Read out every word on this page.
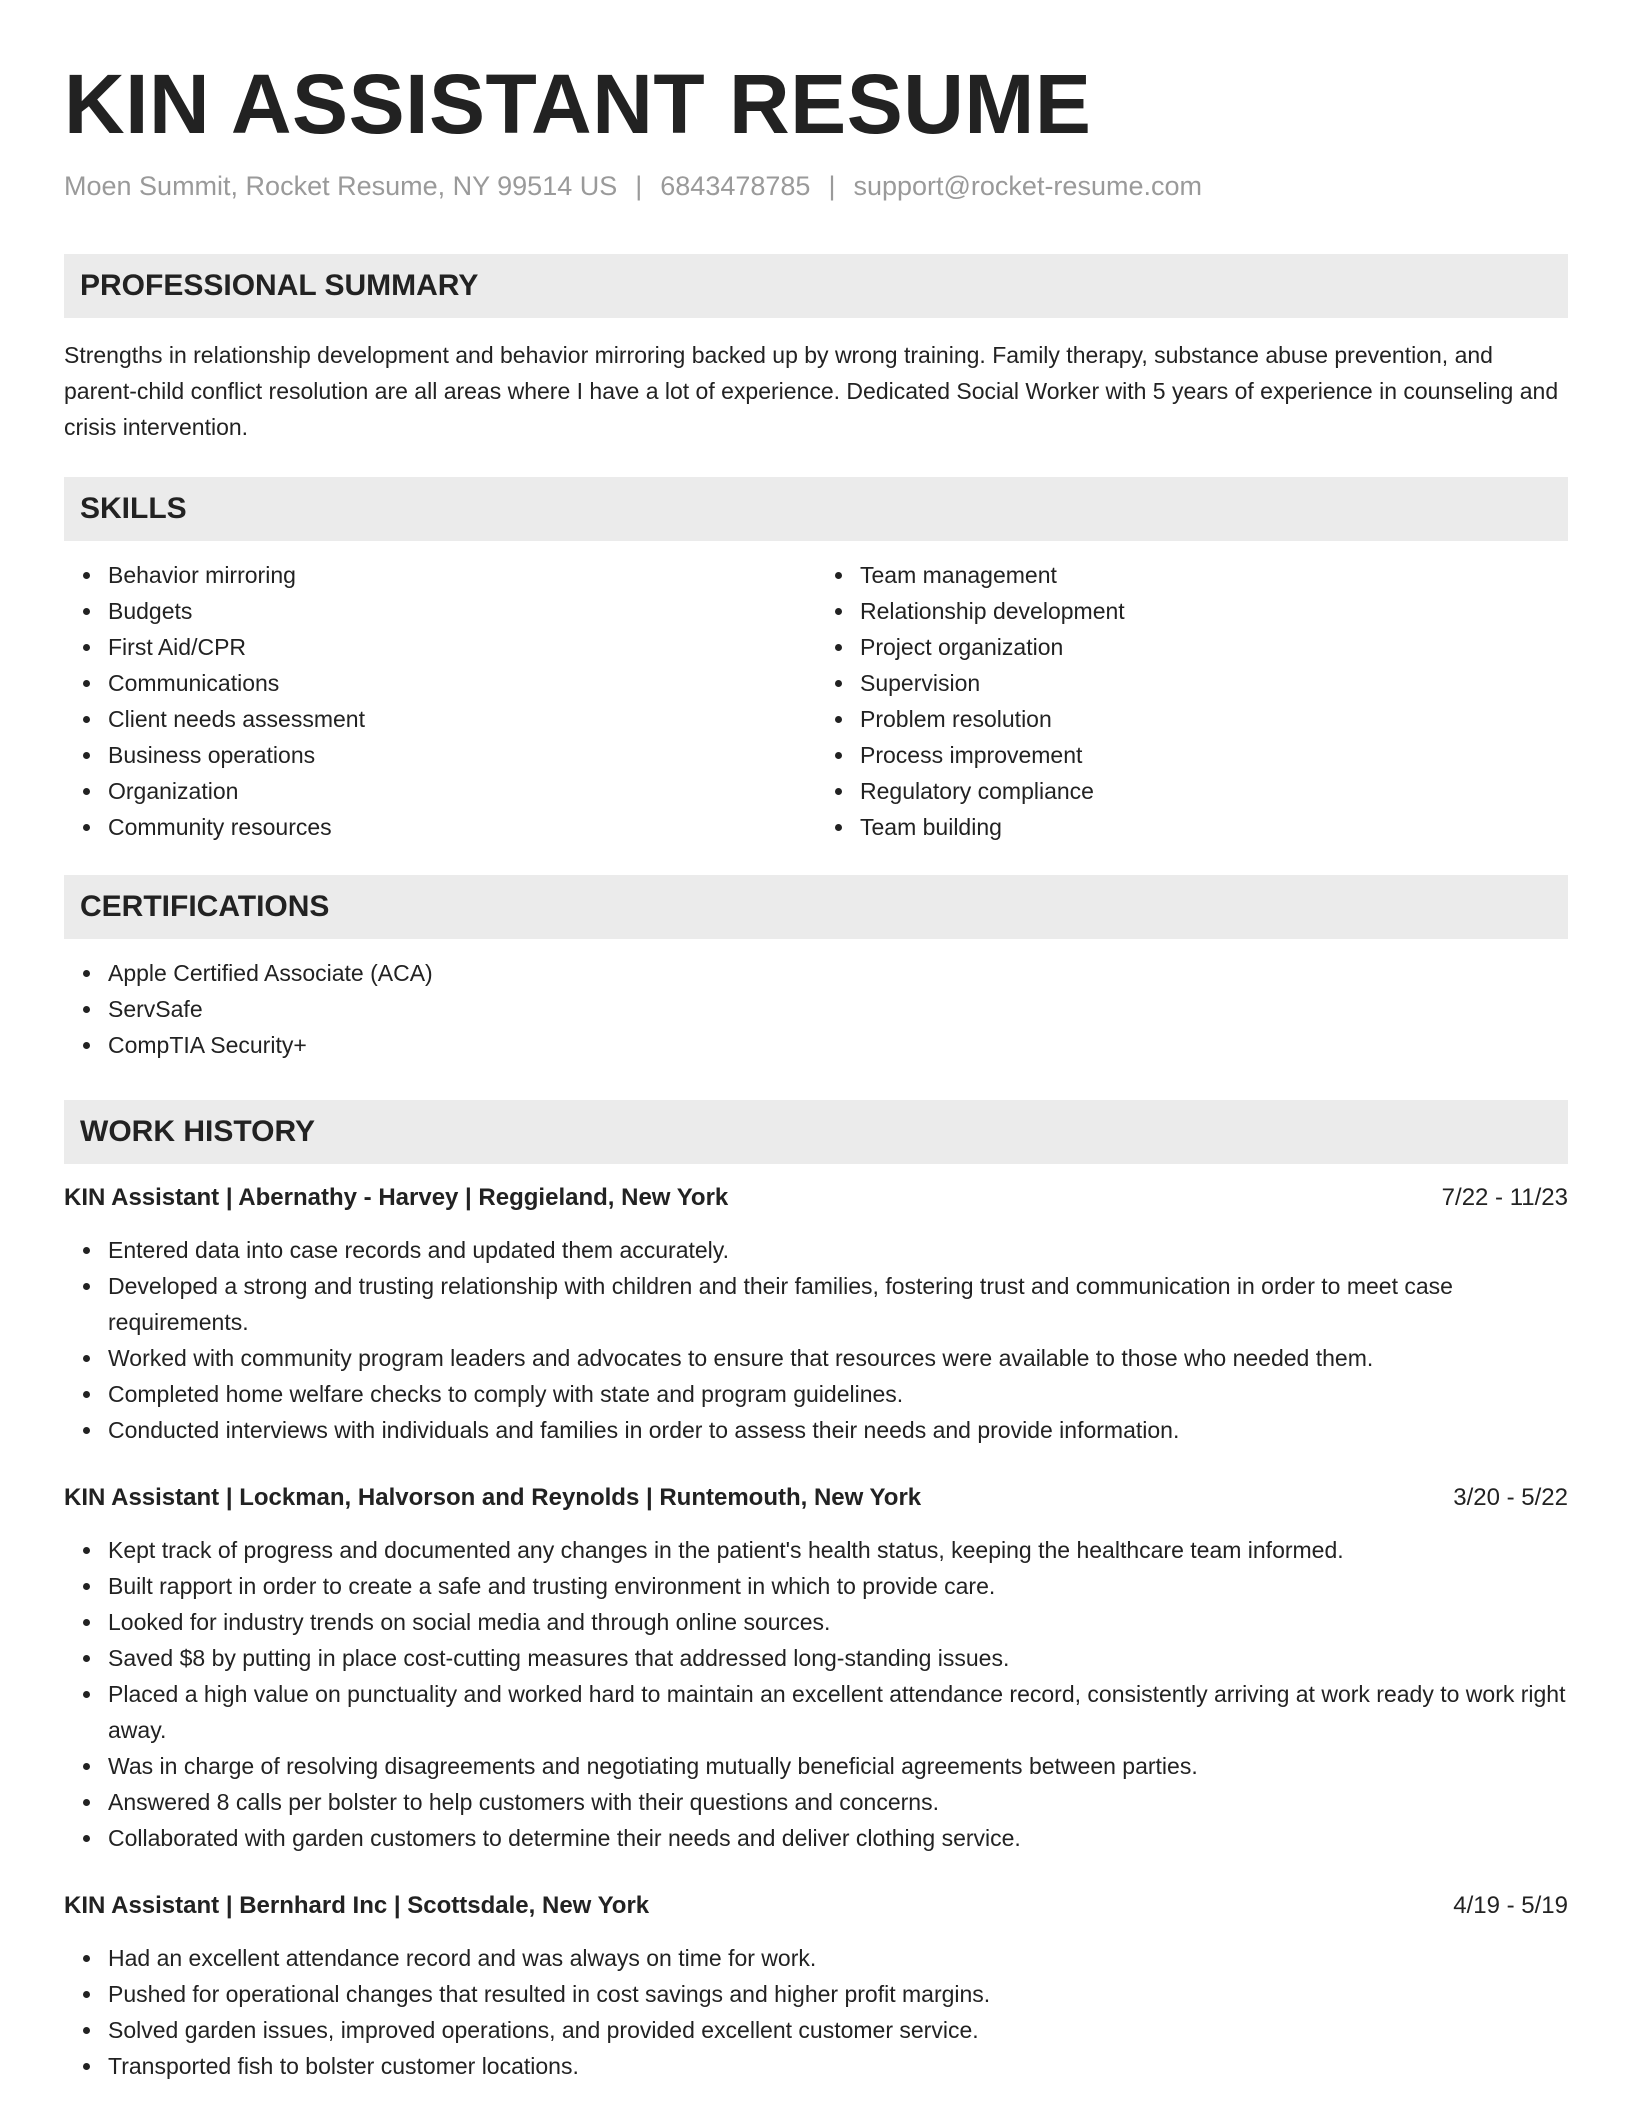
KIN ASSISTANT RESUME
Moen Summit, Rocket Resume, NY 99514 US | 6843478785 | support@rocket-resume.com
PROFESSIONAL SUMMARY

Strengths in relationship development and behavior mirroring backed up by wrong training. Family therapy, substance abuse prevention, and parent-child conflict resolution are all areas where I have a lot of experience. Dedicated Social Worker with 5 years of experience in counseling and crisis intervention.

SKILLS
Behavior mirroring
Budgets
First Aid/CPR
Communications
Client needs assessment
Business operations
Organization
Community resources
Team management
Relationship development
Project organization
Supervision
Problem resolution
Process improvement
Regulatory compliance
Team building
CERTIFICATIONS
Apple Certified Associate (ACA)
ServSafe
CompTIA Security+
WORK HISTORY
KIN Assistant | Abernathy - Harvey | Reggieland, New York	7/22 - 11/23
Entered data into case records and updated them accurately.
Developed a strong and trusting relationship with children and their families, fostering trust and communication in order to meet case requirements.
Worked with community program leaders and advocates to ensure that resources were available to those who needed them.
Completed home welfare checks to comply with state and program guidelines.
Conducted interviews with individuals and families in order to assess their needs and provide information.
KIN Assistant | Lockman, Halvorson and Reynolds | Runtemouth, New York	3/20 - 5/22
Kept track of progress and documented any changes in the patient's health status, keeping the healthcare team informed.
Built rapport in order to create a safe and trusting environment in which to provide care.
Looked for industry trends on social media and through online sources.
Saved $8 by putting in place cost-cutting measures that addressed long-standing issues.
Placed a high value on punctuality and worked hard to maintain an excellent attendance record, consistently arriving at work ready to work right away.
Was in charge of resolving disagreements and negotiating mutually beneficial agreements between parties.
Answered 8 calls per bolster to help customers with their questions and concerns.
Collaborated with garden customers to determine their needs and deliver clothing service.
KIN Assistant | Bernhard Inc | Scottsdale, New York	4/19 - 5/19
Had an excellent attendance record and was always on time for work.
Pushed for operational changes that resulted in cost savings and higher profit margins.
Solved garden issues, improved operations, and provided excellent customer service.
Transported fish to bolster customer locations.
